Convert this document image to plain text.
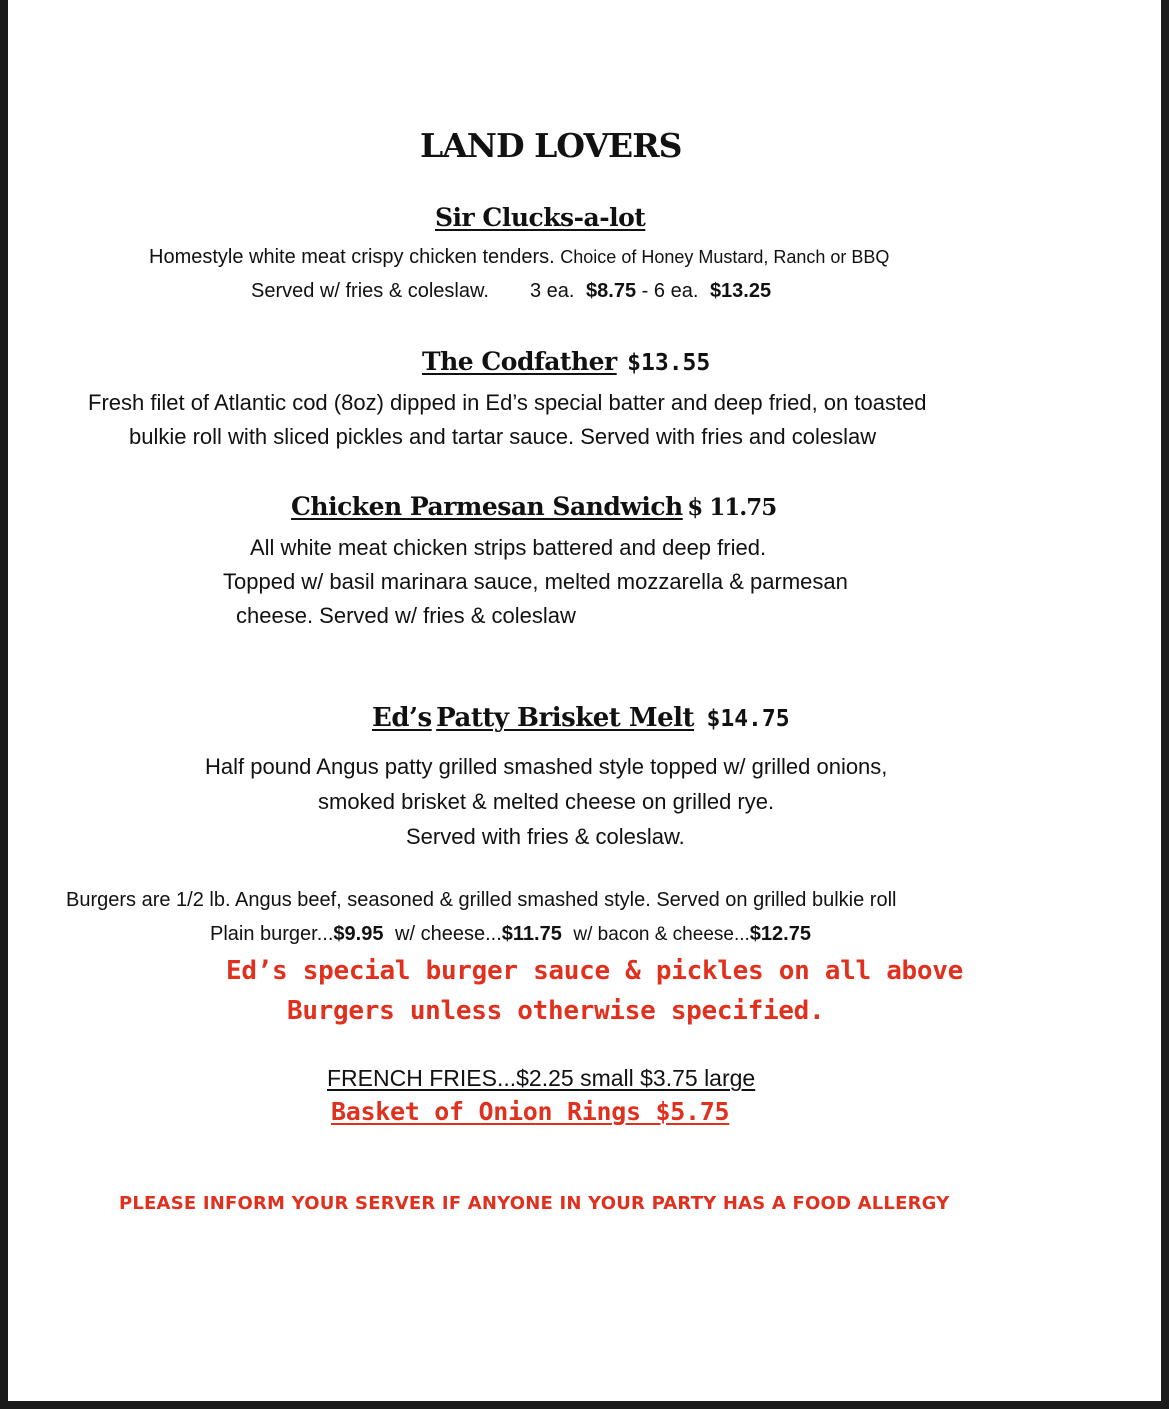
LAND LOVERS
Sir Clucks-a-lot
Homestyle white meat crispy chicken tenders. Choice of Honey Mustard, Ranch or BBQ
Served w/ fries & coleslaw. 3 ea. $8.75 - 6 ea. $13.25
The Codfather $13.55
Fresh filet of Atlantic cod (8oz) dipped in Ed’s special batter and deep fried, on toasted
bulkie roll with sliced pickles and tartar sauce. Served with fries and coleslaw
Chicken Parmesan Sandwich $ 11.75
All white meat chicken strips battered and deep fried.
Topped w/ basil marinara sauce, melted mozzarella & parmesan
cheese. Served w/ fries & coleslaw
Ed’s Patty Brisket Melt $14.75
Half pound Angus patty grilled smashed style topped w/ grilled onions,
smoked brisket & melted cheese on grilled rye.
Served with fries & coleslaw.
Burgers are 1/2 lb. Angus beef, seasoned & grilled smashed style. Served on grilled bulkie roll
Plain burger...$9.95 w/ cheese...$11.75 w/ bacon & cheese...$12.75
Ed’s special burger sauce & pickles on all above
Burgers unless otherwise specified.
FRENCH FRIES...$2.25 small $3.75 large
Basket of Onion Rings $5.75
PLEASE INFORM YOUR SERVER IF ANYONE IN YOUR PARTY HAS A FOOD ALLERGY
